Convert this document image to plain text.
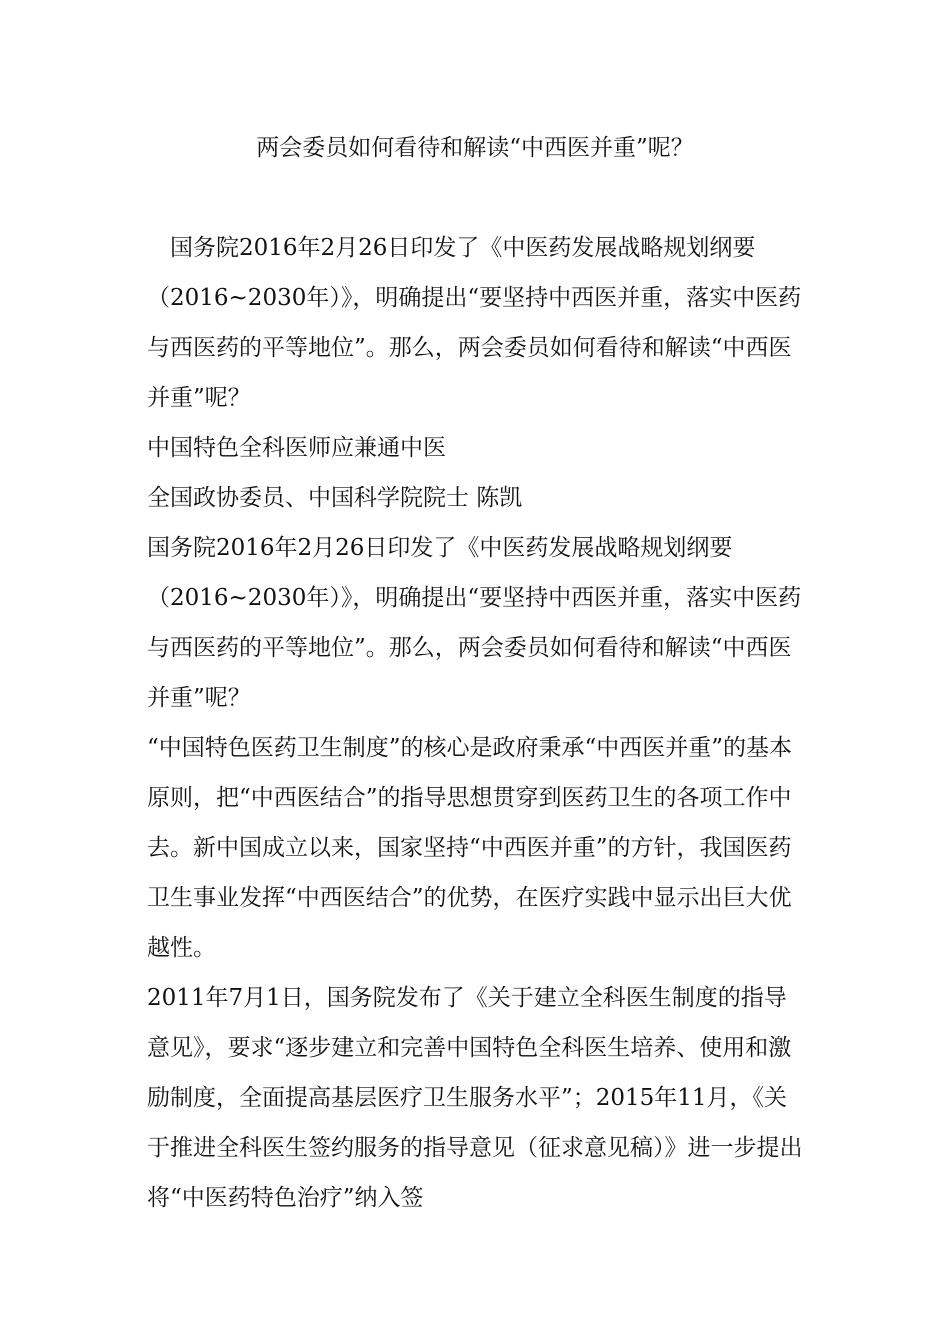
两会委员如何看待和解读“中西医并重”呢？

国务院2016年2月26日印发了《中医药发展战略规划纲要（2016~2030年）》，明确提出“要坚持中西医并重，落实中医药与西医药的平等地位”。那么，两会委员如何看待和解读“中西医并重”呢？

中国特色全科医师应兼通中医

全国政协委员、中国科学院院士 陈凯

国务院2016年2月26日印发了《中医药发展战略规划纲要（2016~2030年）》，明确提出“要坚持中西医并重，落实中医药与西医药的平等地位”。那么，两会委员如何看待和解读“中西医并重”呢？

“中国特色医药卫生制度”的核心是政府秉承“中西医并重”的基本原则，把“中西医结合”的指导思想贯穿到医药卫生的各项工作中去。新中国成立以来，国家坚持“中西医并重”的方针，我国医药卫生事业发挥“中西医结合”的优势，在医疗实践中显示出巨大优越性。

2011年7月1日，国务院发布了《关于建立全科医生制度的指导意见》，要求“逐步建立和完善中国特色全科医生培养、使用和激励制度，全面提高基层医疗卫生服务水平”；2015年11月，《关于推进全科医生签约服务的指导意见（征求意见稿）》进一步提出将“中医药特色治疗”纳入签
